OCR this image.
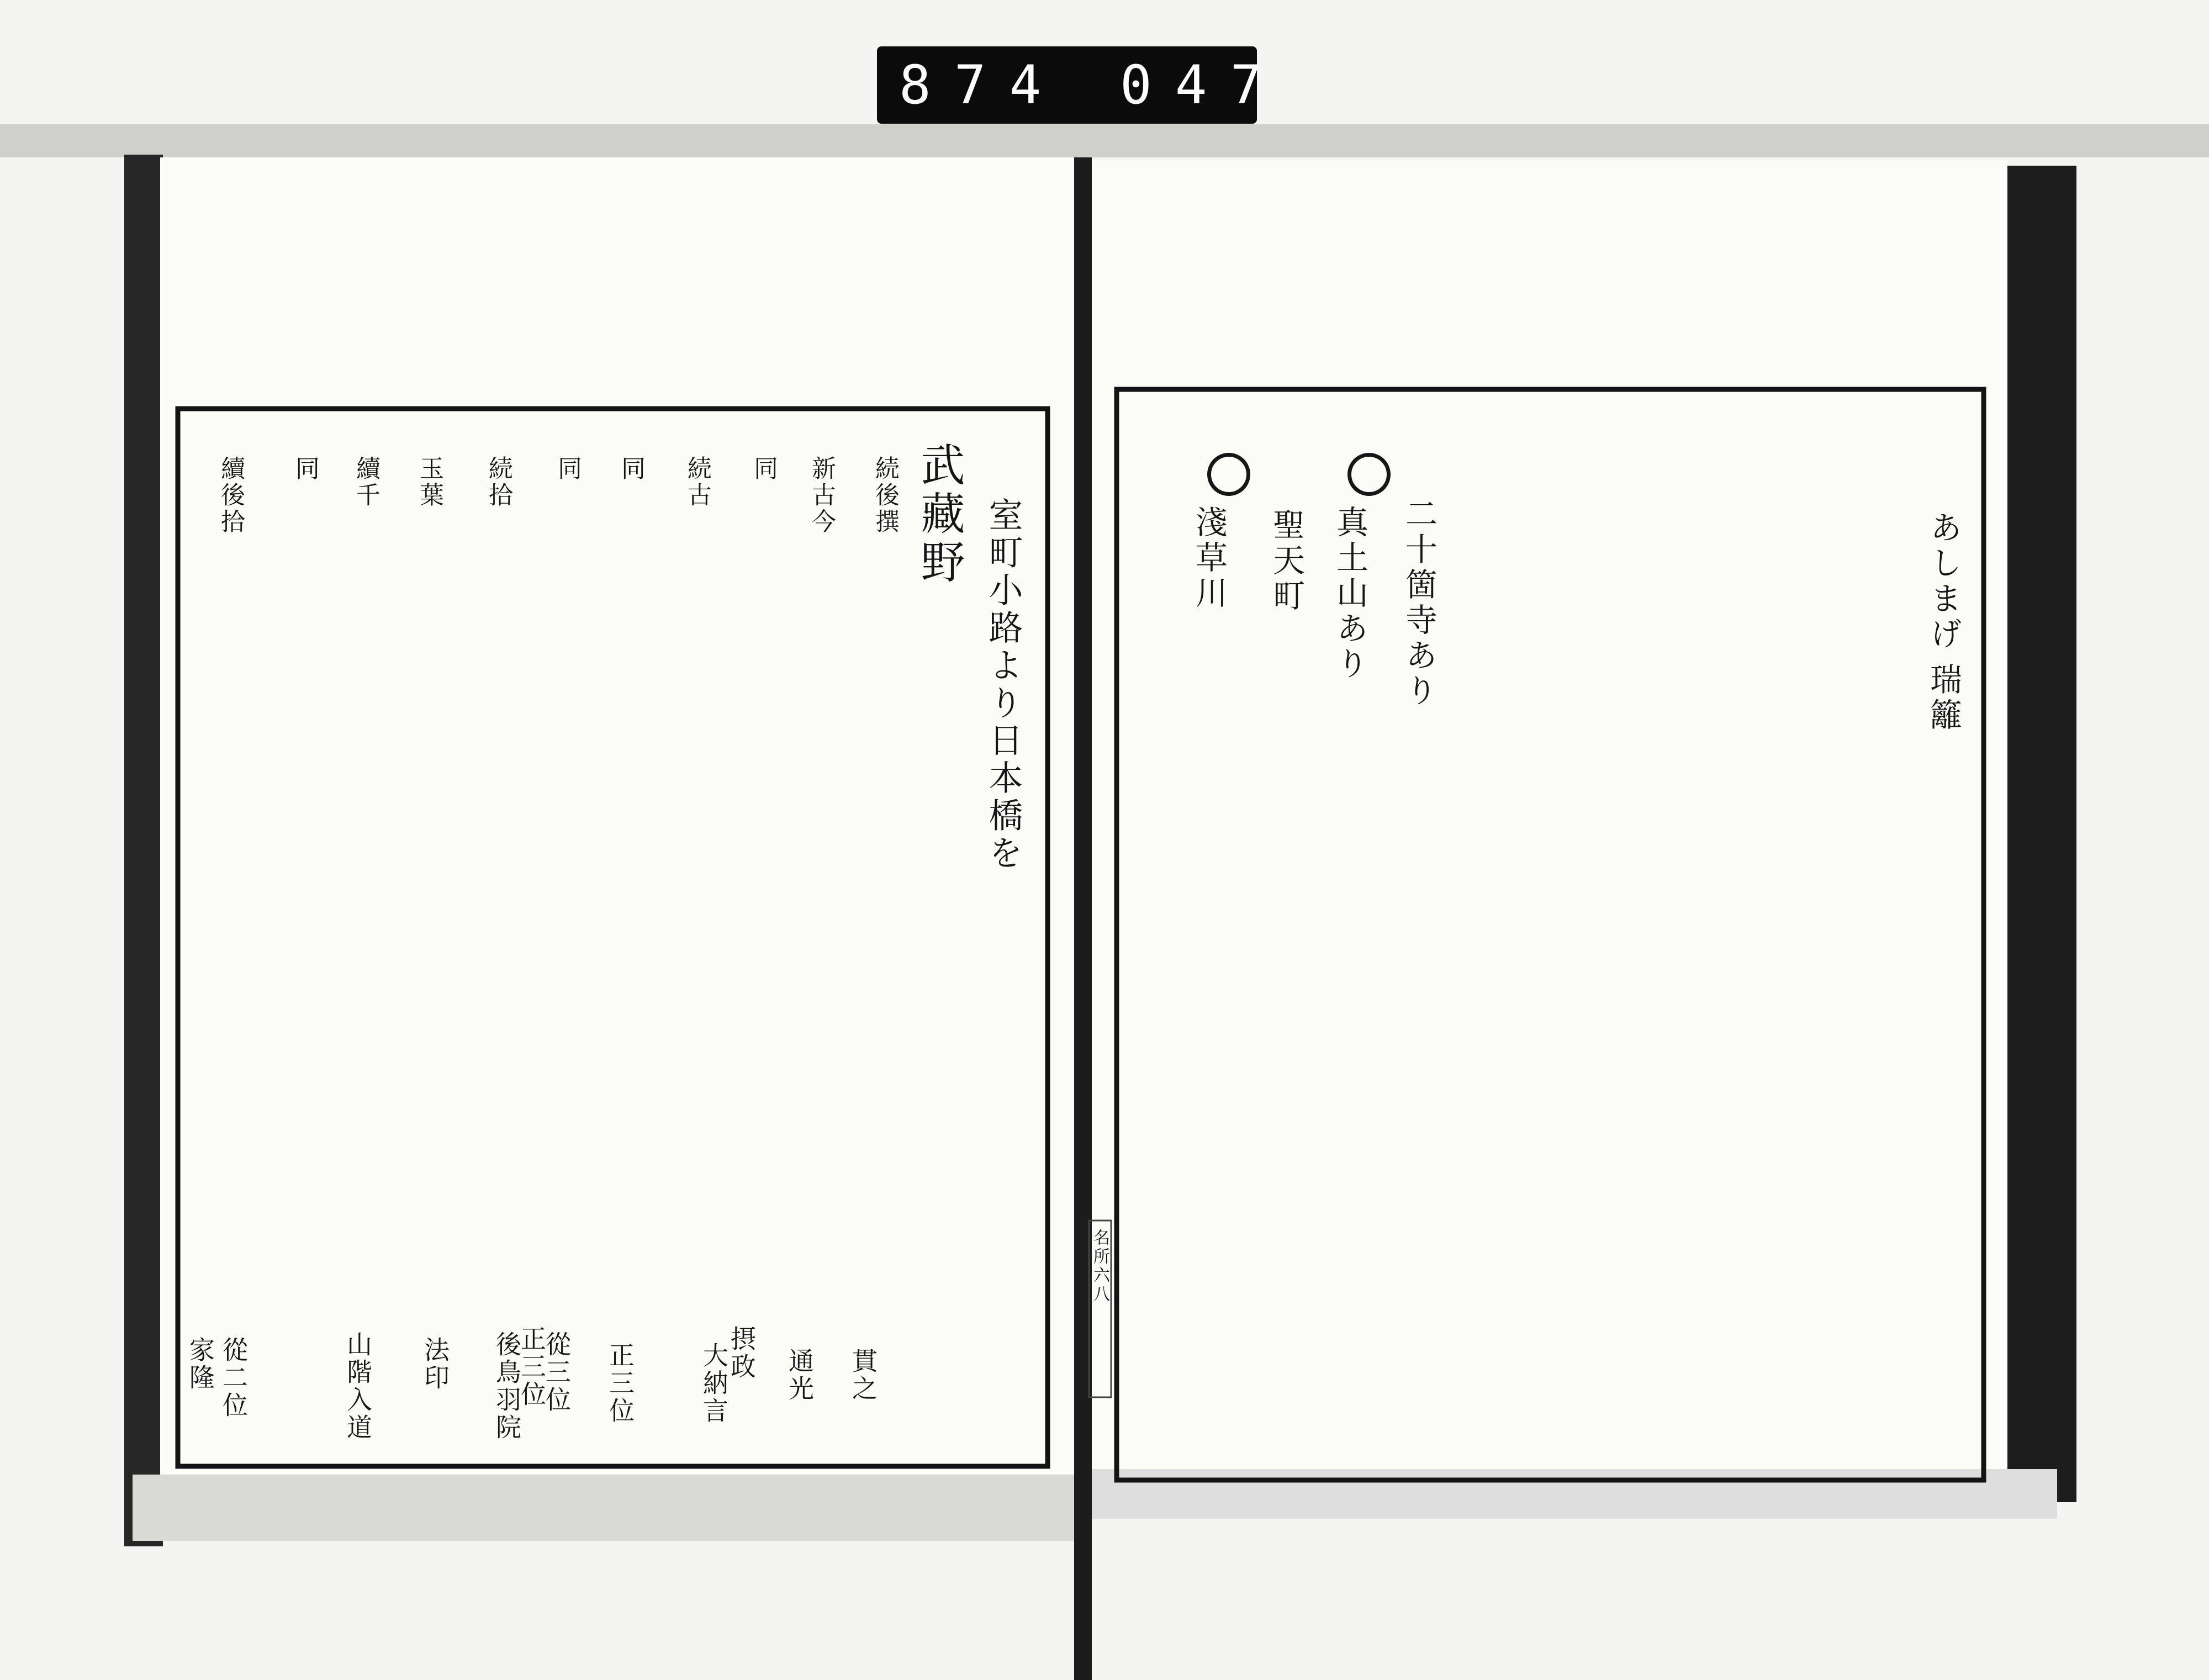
874 047
あしまげ
瑞籬
二十箇寺あり
真土山あり
聖天町
淺草川
名所六八
武藏野 室町小路より日本橋を
続後撰
新古今
同
続古
同
同
続拾
玉葉
續千
同
續後拾
貫之
通光
摂政
大納言
正三位
從三位
後鳥羽院
正三位
法印
山階入道
從二位
家隆
